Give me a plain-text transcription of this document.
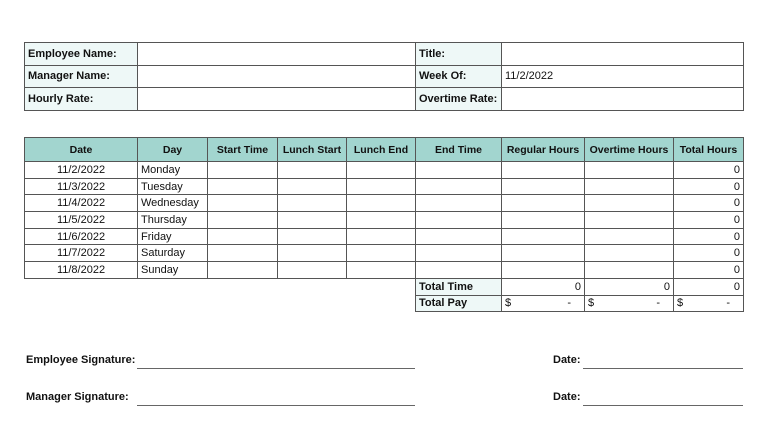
Employee Name:		Title:	
Manager Name:		Week Of:	11/2/2022
Hourly Rate:		Overtime Rate:	
Date	Day	Start Time	Lunch Start	Lunch End	End Time	Regular Hours	Overtime Hours	Total Hours
11/2/2022	Monday							0
11/3/2022	Tuesday							0
11/4/2022	Wednesday							0
11/5/2022	Thursday							0
11/6/2022	Friday							0
11/7/2022	Saturday							0
11/8/2022	Sunday							0
					Total Time	0	0	0
					Total Pay	$ -	$ -	$ -
Employee Signature:	Date:
Manager Signature:	Date:
